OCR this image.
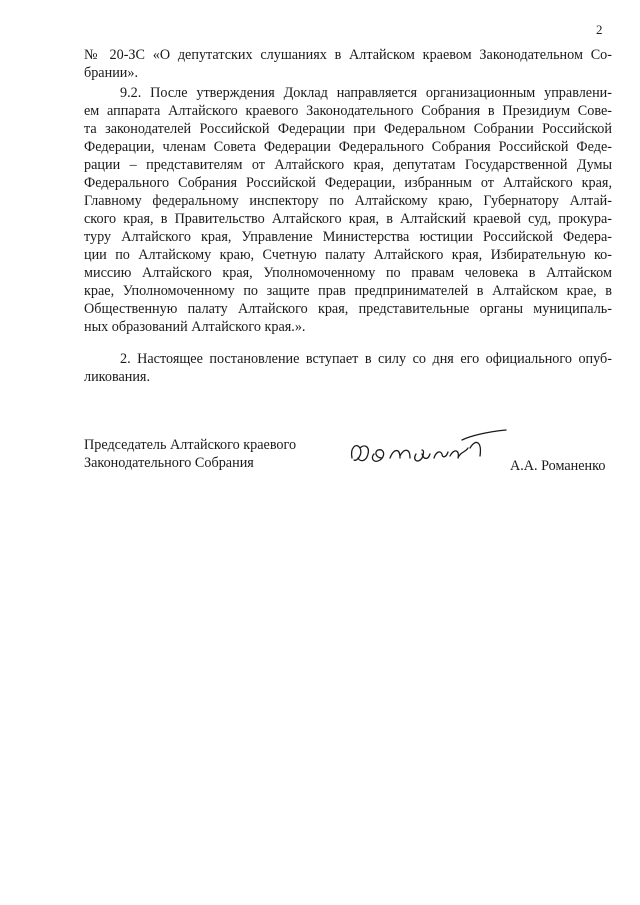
2
№ 20-ЗС «О депутатских слушаниях в Алтайском краевом Законодательном Со-
брании».
9.2. После утверждения Доклад направляется организационным управлени-
ем аппарата Алтайского краевого Законодательного Собрания в Президиум Сове-
та законодателей Российской Федерации при Федеральном Собрании Российской
Федерации, членам Совета Федерации Федерального Собрания Российской Феде-
рации – представителям от Алтайского края, депутатам Государственной Думы
Федерального Собрания Российской Федерации, избранным от Алтайского края,
Главному федеральному инспектору по Алтайскому краю, Губернатору Алтай-
ского края, в Правительство Алтайского края, в Алтайский краевой суд, прокура-
туру Алтайского края, Управление Министерства юстиции Российской Федера-
ции по Алтайскому краю, Счетную палату Алтайского края, Избирательную ко-
миссию Алтайского края, Уполномоченному по правам человека в Алтайском
крае, Уполномоченному по защите прав предпринимателей в Алтайском крае, в
Общественную палату Алтайского края, представительные органы муниципаль-
ных образований Алтайского края.».
2. Настоящее постановление вступает в силу со дня его официального опуб-
ликования.
Председатель Алтайского краевого
Законодательного Собрания	А.А. Романенко
